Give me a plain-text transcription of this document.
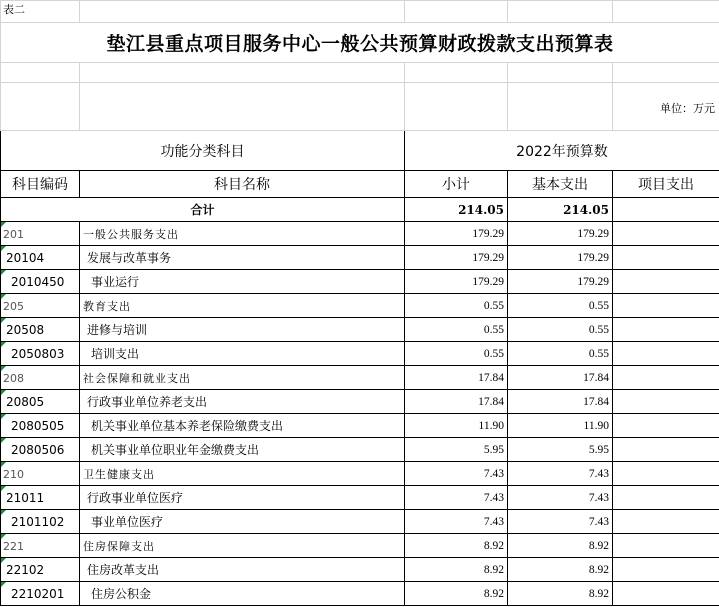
表二				
垫江县重点项目服务中心一般公共预算财政拨款支出预算表				

				单位：万元
功能分类科目		2022年预算数		
科目编码	科目名称	小计	基本支出	项目支出
合计		214.05	214.05	

201	一般公共服务支出	179.29	179.29	

20104	发展与改革事务	179.29	179.29	

2010450	事业运行	179.29	179.29	

205	教育支出	0.55	0.55	

20508	进修与培训	0.55	0.55	

2050803	培训支出	0.55	0.55	

208	社会保障和就业支出	17.84	17.84	

20805	行政事业单位养老支出	17.84	17.84	

2080505	机关事业单位基本养老保险缴费支出	11.90	11.90	

2080506	机关事业单位职业年金缴费支出	5.95	5.95	

210	卫生健康支出	7.43	7.43	

21011	行政事业单位医疗	7.43	7.43	

2101102	事业单位医疗	7.43	7.43	

221	住房保障支出	8.92	8.92	

22102	住房改革支出	8.92	8.92	

2210201	住房公积金	8.92	8.92	
